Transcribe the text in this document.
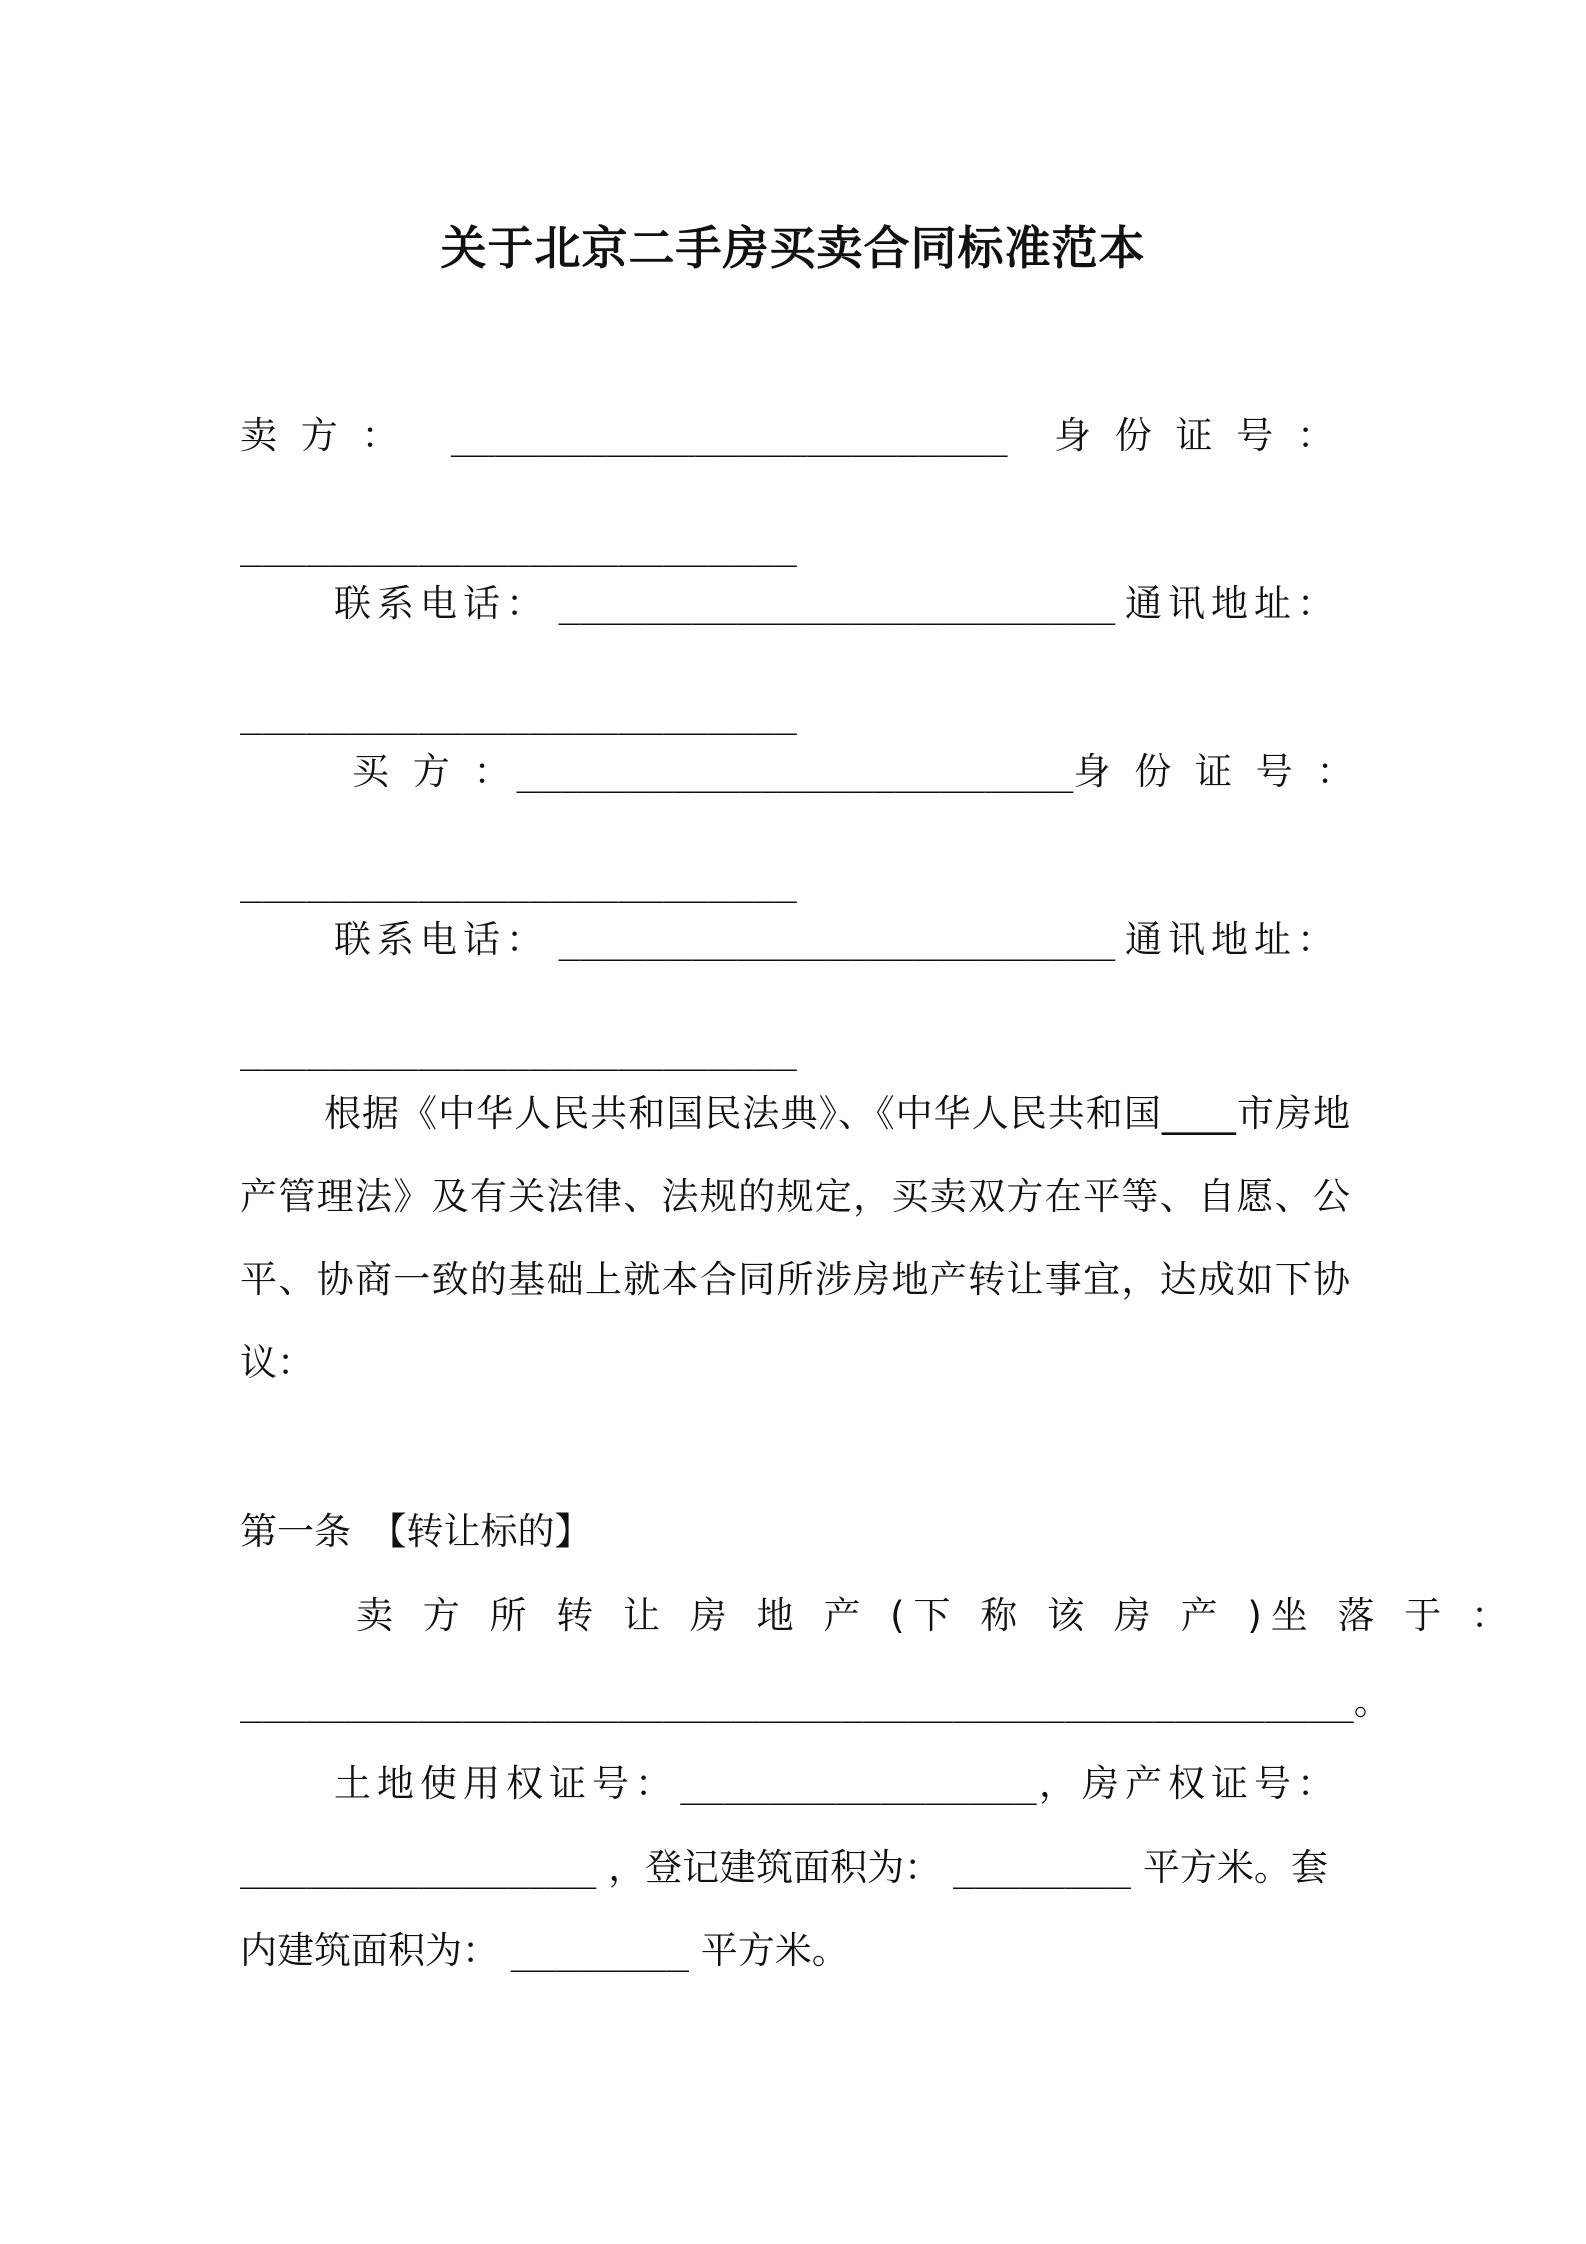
关于北京二手房买卖合同标准范本
卖 方 ： _________________________ 身 份 证 号 ：
_________________________
联系电话： _________________________ 通讯地址：
_________________________
买 方 ： _________________________ 身 份 证 号 ：
_________________________
联系电话： _________________________ 通讯地址：
_________________________
根据《中华人民共和国民法典》、《中华人民共和国____市房地产管理法》及有关法律、法规的规定，买卖双方在平等、自愿、公平、协商一致的基础上就本合同所涉房地产转让事宜，达成如下协议：
第一条　【转让标的】
卖 方 所 转 让 房 地 产 (下 称 该 房 产 )坐 落 于 ：
__________________________________________________。
土地使用权证号： ________________ ，房产权证号：
________________ ，登记建筑面积为： ________ 平方米。套
内建筑面积为： ________ 平方米。
